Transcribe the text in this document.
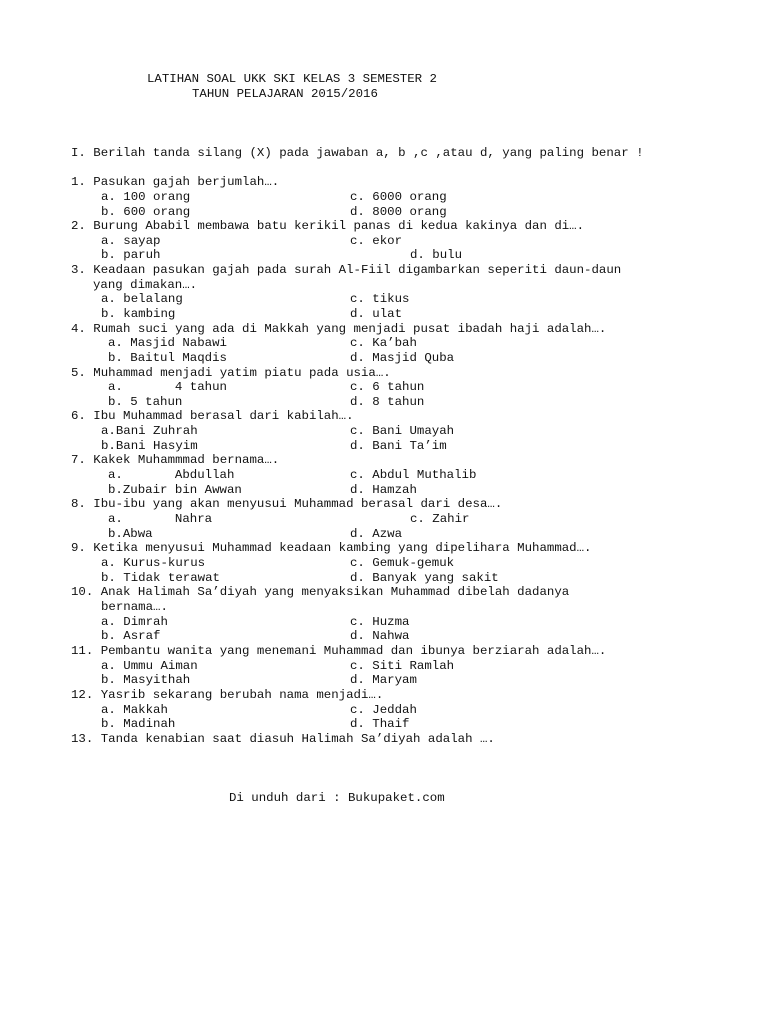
LATIHAN SOAL UKK SKI KELAS 3 SEMESTER 2
TAHUN PELAJARAN 2015/2016
I. Berilah tanda silang (X) pada jawaban a, b ,c ,atau d, yang paling benar !
1. Pasukan gajah berjumlah….
a. 100 orang	c. 6000 orang
b. 600 orang	d. 8000 orang
2. Burung Ababil membawa batu kerikil panas di kedua kakinya dan di….
a. sayap	c. ekor
b. paruh	d. bulu
3. Keadaan pasukan gajah pada surah Al-Fiil digambarkan seperiti daun-daun
yang dimakan….
a. belalang	c. tikus
b. kambing	d. ulat
4. Rumah suci yang ada di Makkah yang menjadi pusat ibadah haji adalah….
a. Masjid Nabawi	c. Ka’bah
b. Baitul Maqdis	d. Masjid Quba
5. Muhammad menjadi yatim piatu pada usia….
a.       4 tahun	c. 6 tahun
b. 5 tahun	d. 8 tahun
6. Ibu Muhammad berasal dari kabilah….
a.Bani Zuhrah	c. Bani Umayah
b.Bani Hasyim	d. Bani Ta’im
7. Kakek Muhammmad bernama….
a.       Abdullah	c. Abdul Muthalib
b.Zubair bin Awwan	d. Hamzah
8. Ibu-ibu yang akan menyusui Muhammad berasal dari desa….
a.       Nahra	c. Zahir
b.Abwa	d. Azwa
9. Ketika menyusui Muhammad keadaan kambing yang dipelihara Muhammad….
a. Kurus-kurus	c. Gemuk-gemuk
b. Tidak terawat	d. Banyak yang sakit
10. Anak Halimah Sa’diyah yang menyaksikan Muhammad dibelah dadanya
bernama….
a. Dimrah	c. Huzma
b. Asraf	d. Nahwa
11. Pembantu wanita yang menemani Muhammad dan ibunya berziarah adalah….
a. Ummu Aiman	c. Siti Ramlah
b. Masyithah	d. Maryam
12. Yasrib sekarang berubah nama menjadi….
a. Makkah	c. Jeddah
b. Madinah	d. Thaif
13. Tanda kenabian saat diasuh Halimah Sa’diyah adalah ….
Di unduh dari : Bukupaket.com
